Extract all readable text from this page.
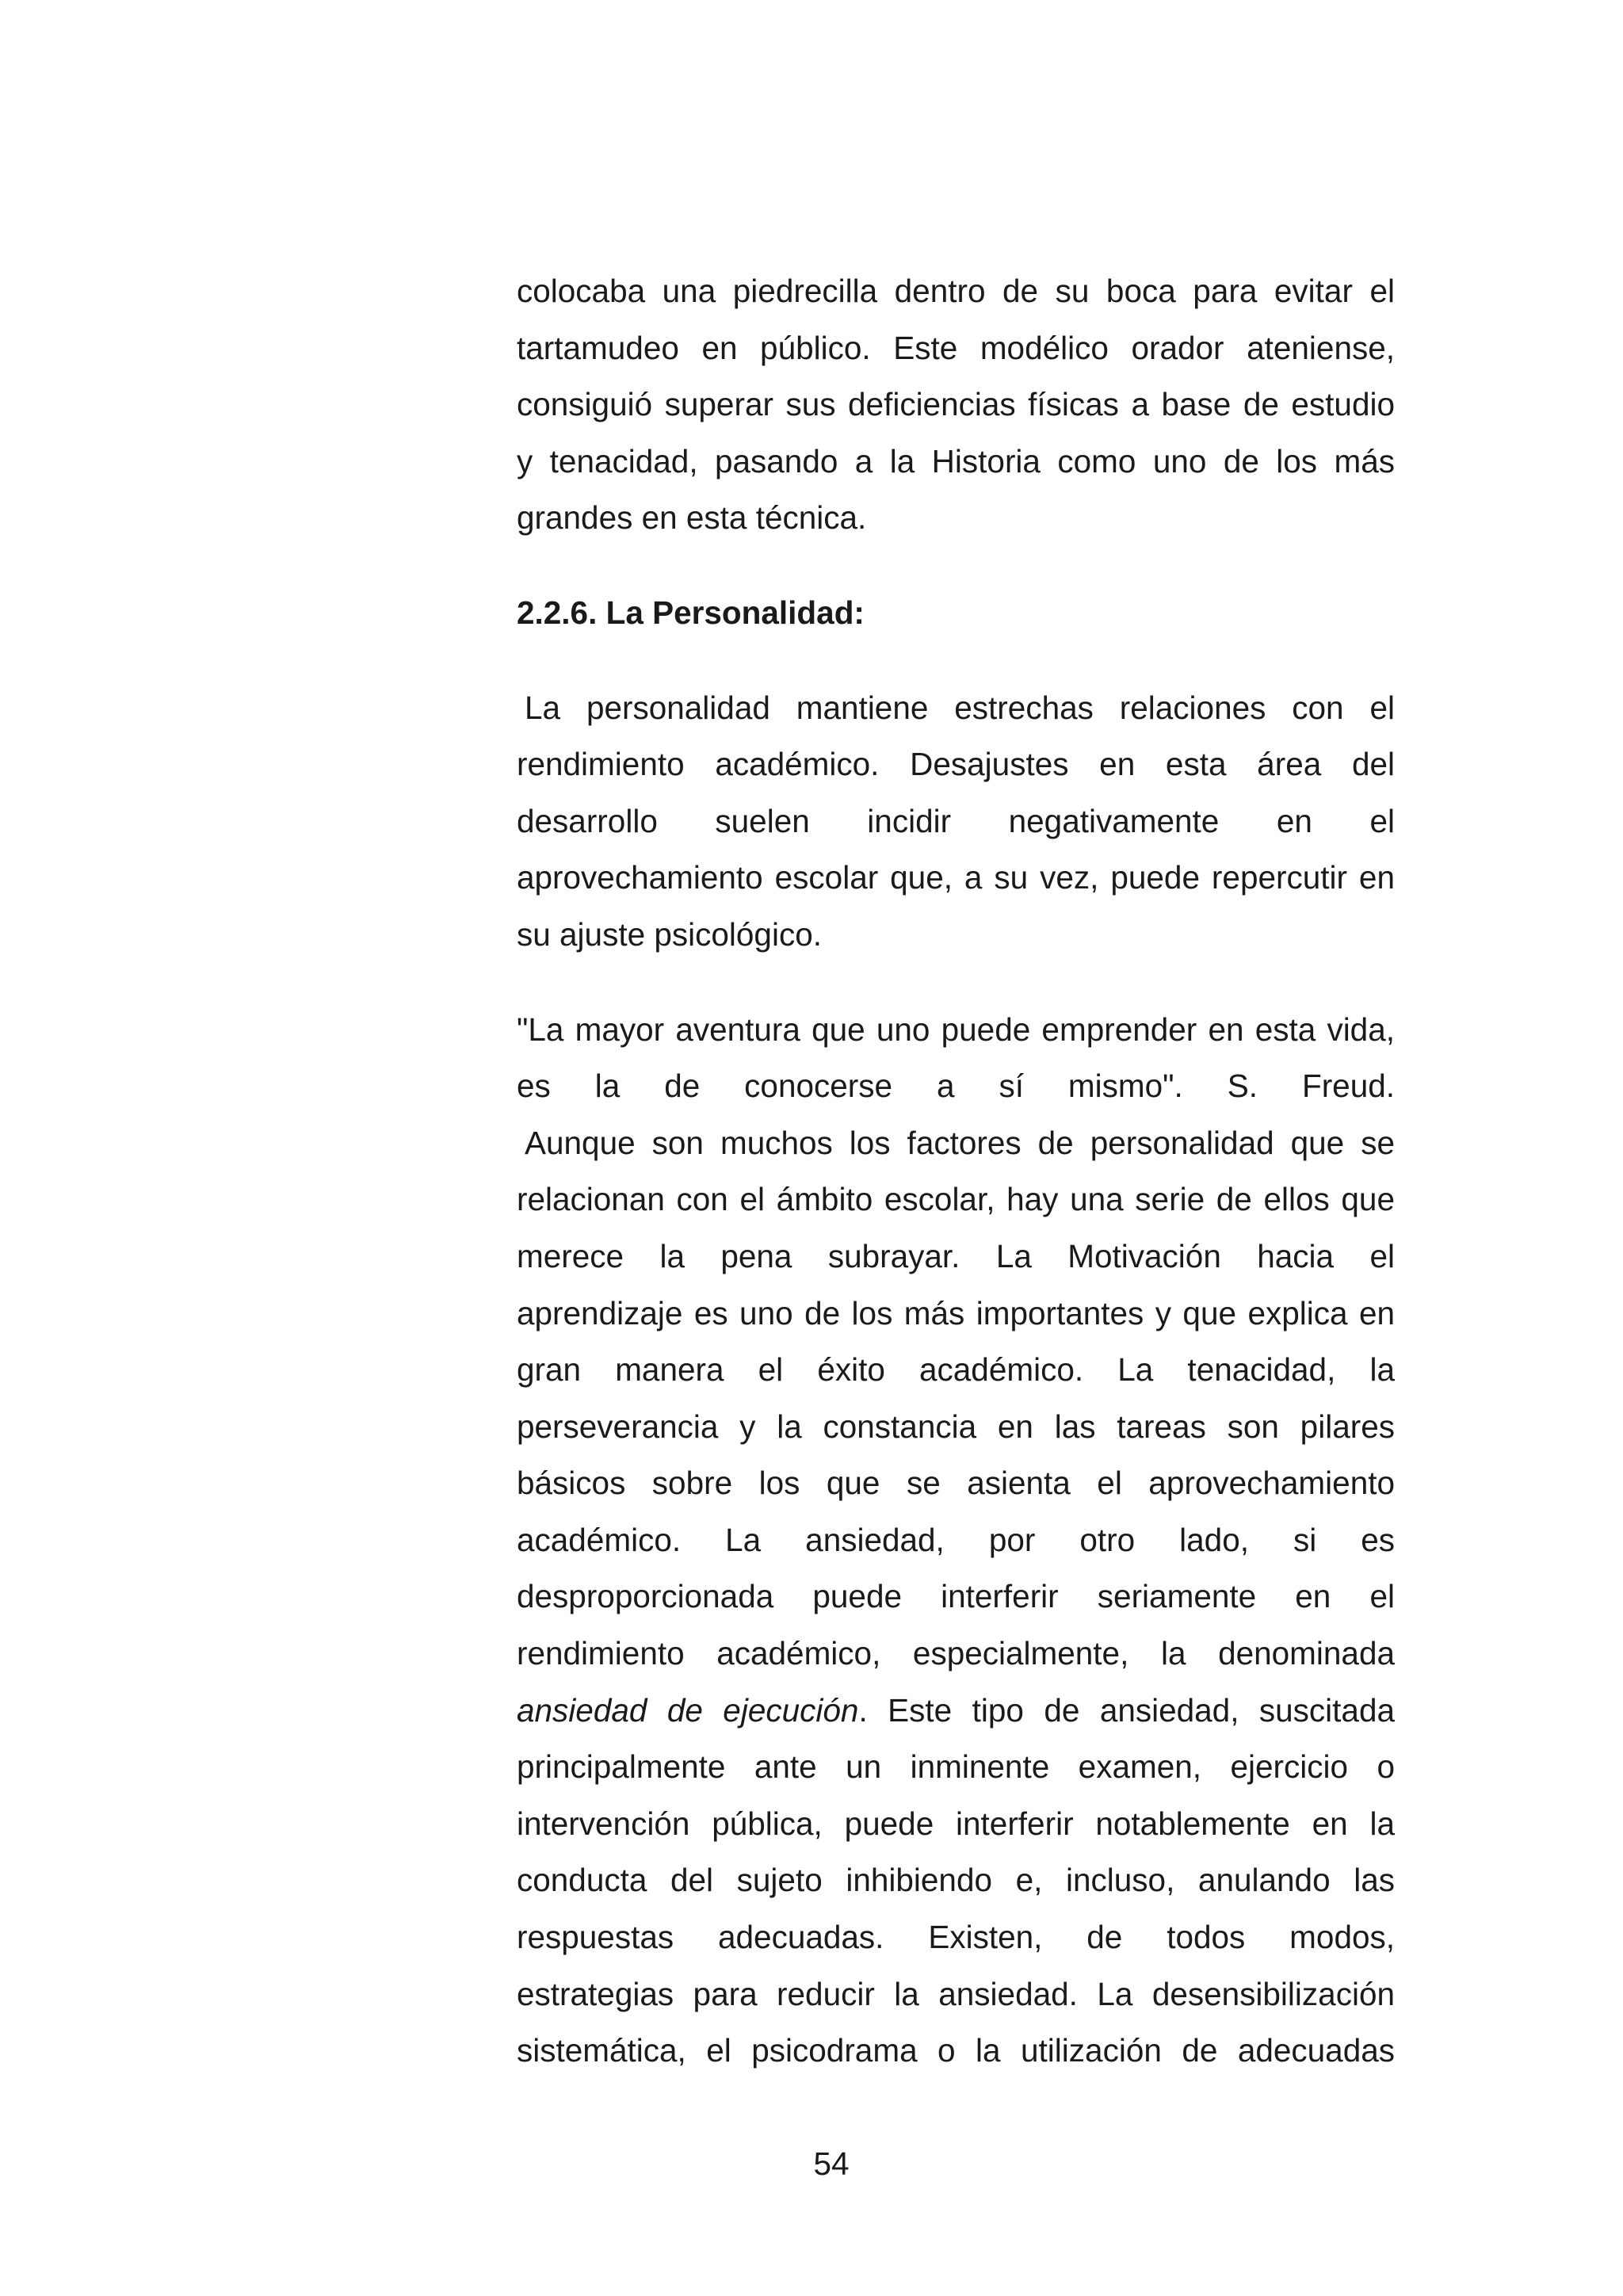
colocaba una piedrecilla dentro de su boca para evitar el
tartamudeo en público. Este modélico orador ateniense,
consiguió superar sus deficiencias físicas a base de estudio
y tenacidad, pasando a la Historia como uno de los más
grandes en esta técnica.
2.2.6. La Personalidad:
La personalidad mantiene estrechas relaciones con el
rendimiento académico. Desajustes en esta área del
desarrollo suelen incidir negativamente en el
aprovechamiento escolar que, a su vez, puede repercutir en
su ajuste psicológico.
"La mayor aventura que uno puede emprender en esta vida,
es la de conocerse a sí mismo". S. Freud.
Aunque son muchos los factores de personalidad que se
relacionan con el ámbito escolar, hay una serie de ellos que
merece la pena subrayar. La Motivación hacia el
aprendizaje es uno de los más importantes y que explica en
gran manera el éxito académico. La tenacidad, la
perseverancia y la constancia en las tareas son pilares
básicos sobre los que se asienta el aprovechamiento
académico. La ansiedad, por otro lado, si es
desproporcionada puede interferir seriamente en el
rendimiento académico, especialmente, la denominada
ansiedad de ejecución. Este tipo de ansiedad, suscitada
principalmente ante un inminente examen, ejercicio o
intervención pública, puede interferir notablemente en la
conducta del sujeto inhibiendo e, incluso, anulando las
respuestas adecuadas. Existen, de todos modos,
estrategias para reducir la ansiedad. La desensibilización
sistemática, el psicodrama o la utilización de adecuadas
54
